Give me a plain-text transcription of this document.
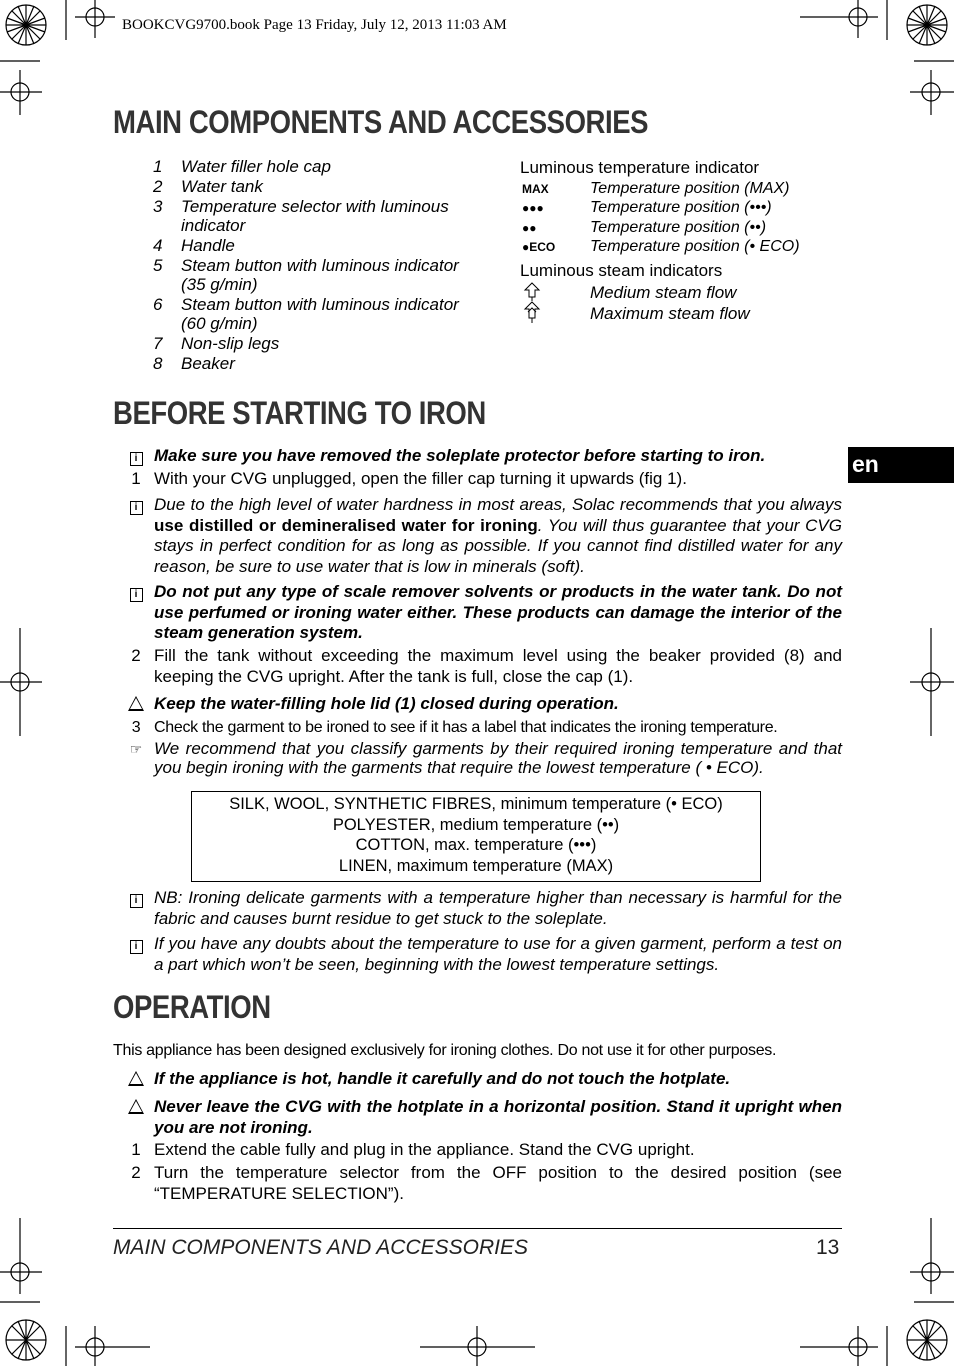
BOOKCVG9700.book Page 13 Friday, July 12, 2013 11:03 AM
MAIN COMPONENTS AND ACCESSORIES
1	Water filler hole cap
2	Water tank
3	Temperature selector with luminous indicator
4	Handle
5	Steam button with luminous indicator (35 g/min)
6	Steam button with luminous indicator (60 g/min)
7	Non-slip legs
8	Beaker
Luminous temperature indicator
MAX	Temperature position (MAX)
●●●	Temperature position (•••)
●●	Temperature position (••)
●ECO	Temperature position (• ECO)
Luminous steam indicators
Medium steam flow
Maximum steam flow
BEFORE STARTING TO IRON
i Make sure you have removed the soleplate protector before starting to iron.
1 With your CVG unplugged, open the filler cap turning it upwards (fig 1).
i Due to the high level of water hardness in most areas, Solac recommends that you always use distilled or demineralised water for ironing. You will thus guarantee that your CVG stays in perfect condition for as long as possible. If you cannot find distilled water for any reason, be sure to use water that is low in minerals (soft).
i Do not put any type of scale remover solvents or products in the water tank. Do not use perfumed or ironing water either. These products can damage the interior of the steam generation system.
2 Fill the tank without exceeding the maximum level using the beaker provided (8) and keeping the CVG upright. After the tank is full, close the cap (1).
Keep the water-filling hole lid (1) closed during operation.
3 Check the garment to be ironed to see if it has a label that indicates the ironing temperature.
☞ We recommend that you classify garments by their required ironing temperature and that you begin ironing with the garments that require the lowest temperature ( • ECO).
SILK, WOOL, SYNTHETIC FIBRES, minimum temperature (• ECO)
POLYESTER, medium temperature (••)
COTTON, max. temperature (•••)
LINEN, maximum temperature (MAX)
i NB: Ironing delicate garments with a temperature higher than necessary is harmful for the fabric and causes burnt residue to get stuck to the soleplate.
i If you have any doubts about the temperature to use for a given garment, perform a test on a part which won’t be seen, beginning with the lowest temperature settings.
OPERATION
This appliance has been designed exclusively for ironing clothes. Do not use it for other purposes.
If the appliance is hot, handle it carefully and do not touch the hotplate.
Never leave the CVG with the hotplate in a horizontal position. Stand it upright when you are not ironing.
1 Extend the cable fully and plug in the appliance. Stand the CVG upright.
2 Turn the temperature selector from the OFF position to the desired position (see “TEMPERATURE SELECTION”).
en
MAIN COMPONENTS AND ACCESSORIES	13
